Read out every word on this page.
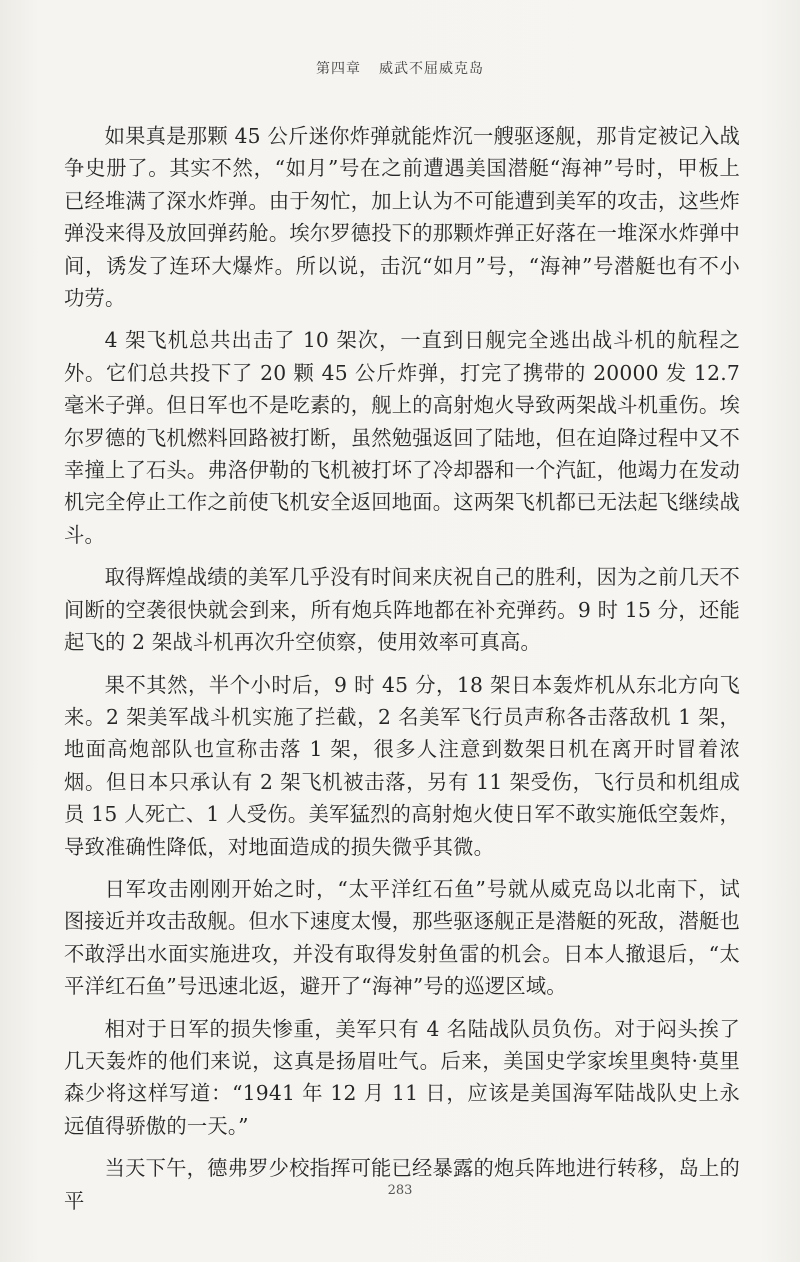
第四章 威武不屈威克岛

如果真是那颗 45 公斤迷你炸弹就能炸沉一艘驱逐舰，那肯定被记入战争史册了。其实不然，“如月”号在之前遭遇美国潜艇“海神”号时，甲板上已经堆满了深水炸弹。由于匆忙，加上认为不可能遭到美军的攻击，这些炸弹没来得及放回弹药舱。埃尔罗德投下的那颗炸弹正好落在一堆深水炸弹中间，诱发了连环大爆炸。所以说，击沉“如月”号，“海神”号潜艇也有不小功劳。

4 架飞机总共出击了 10 架次，一直到日舰完全逃出战斗机的航程之外。它们总共投下了 20 颗 45 公斤炸弹，打完了携带的 20000 发 12.7 毫米子弹。但日军也不是吃素的，舰上的高射炮火导致两架战斗机重伤。埃尔罗德的飞机燃料回路被打断，虽然勉强返回了陆地，但在迫降过程中又不幸撞上了石头。弗洛伊勒的飞机被打坏了冷却器和一个汽缸，他竭力在发动机完全停止工作之前使飞机安全返回地面。这两架飞机都已无法起飞继续战斗。

取得辉煌战绩的美军几乎没有时间来庆祝自己的胜利，因为之前几天不间断的空袭很快就会到来，所有炮兵阵地都在补充弹药。9 时 15 分，还能起飞的 2 架战斗机再次升空侦察，使用效率可真高。

果不其然，半个小时后，9 时 45 分，18 架日本轰炸机从东北方向飞来。2 架美军战斗机实施了拦截，2 名美军飞行员声称各击落敌机 1 架，地面高炮部队也宣称击落 1 架，很多人注意到数架日机在离开时冒着浓烟。但日本只承认有 2 架飞机被击落，另有 11 架受伤，飞行员和机组成员 15 人死亡、1 人受伤。美军猛烈的高射炮火使日军不敢实施低空轰炸，导致准确性降低，对地面造成的损失微乎其微。

日军攻击刚刚开始之时，“太平洋红石鱼”号就从威克岛以北南下，试图接近并攻击敌舰。但水下速度太慢，那些驱逐舰正是潜艇的死敌，潜艇也不敢浮出水面实施进攻，并没有取得发射鱼雷的机会。日本人撤退后，“太平洋红石鱼”号迅速北返，避开了“海神”号的巡逻区域。

相对于日军的损失惨重，美军只有 4 名陆战队员负伤。对于闷头挨了几天轰炸的他们来说，这真是扬眉吐气。后来，美国史学家埃里奥特·莫里森少将这样写道：“1941 年 12 月 11 日，应该是美国海军陆战队史上永远值得骄傲的一天。”

当天下午，德弗罗少校指挥可能已经暴露的炮兵阵地进行转移，岛上的平	283
